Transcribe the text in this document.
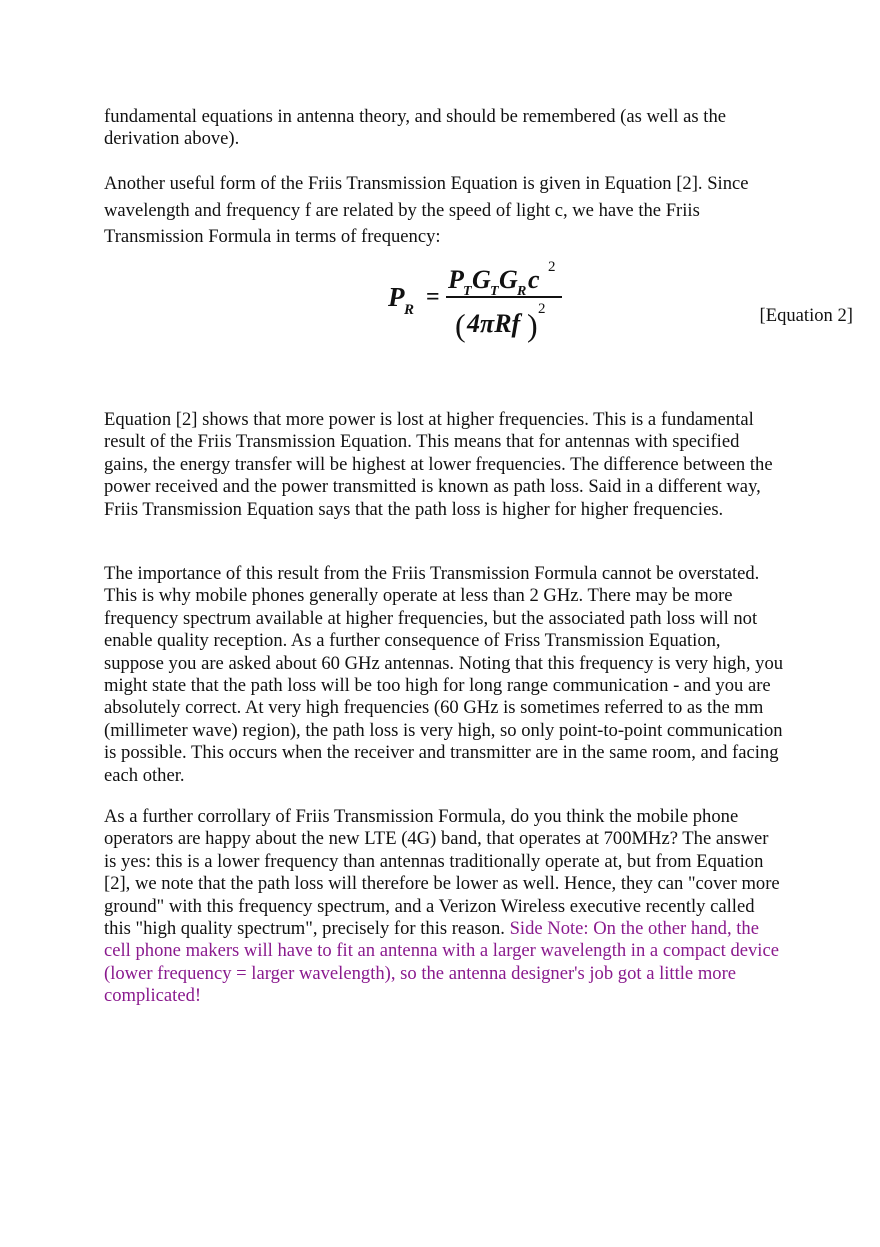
fundamental equations in antenna theory, and should be remembered (as well as the derivation above).

Another useful form of the Friis Transmission Equation is given in Equation [2]. Since wavelength and frequency f are related by the speed of light c, we have the Friis Transmission Formula in terms of frequency:

P R =
P T G T G R c 2
( 4πRf ) 2	[Equation 2]

Equation [2] shows that more power is lost at higher frequencies. This is a fundamental result of the Friis Transmission Equation. This means that for antennas with specified gains, the energy transfer will be highest at lower frequencies. The difference between the power received and the power transmitted is known as path loss. Said in a different way, Friis Transmission Equation says that the path loss is higher for higher frequencies.

The importance of this result from the Friis Transmission Formula cannot be overstated. This is why mobile phones generally operate at less than 2 GHz. There may be more frequency spectrum available at higher frequencies, but the associated path loss will not enable quality reception. As a further consequence of Friss Transmission Equation, suppose you are asked about 60 GHz antennas. Noting that this frequency is very high, you might state that the path loss will be too high for long range communication - and you are absolutely correct. At very high frequencies (60 GHz is sometimes referred to as the mm (millimeter wave) region), the path loss is very high, so only point-to-point communication is possible. This occurs when the receiver and transmitter are in the same room, and facing each other.

As a further corrollary of Friis Transmission Formula, do you think the mobile phone operators are happy about the new LTE (4G) band, that operates at 700MHz? The answer is yes: this is a lower frequency than antennas traditionally operate at, but from Equation [2], we note that the path loss will therefore be lower as well. Hence, they can "cover more ground" with this frequency spectrum, and a Verizon Wireless executive recently called this "high quality spectrum", precisely for this reason. Side Note: On the other hand, the cell phone makers will have to fit an antenna with a larger wavelength in a compact device (lower frequency = larger wavelength), so the antenna designer's job got a little more complicated!
